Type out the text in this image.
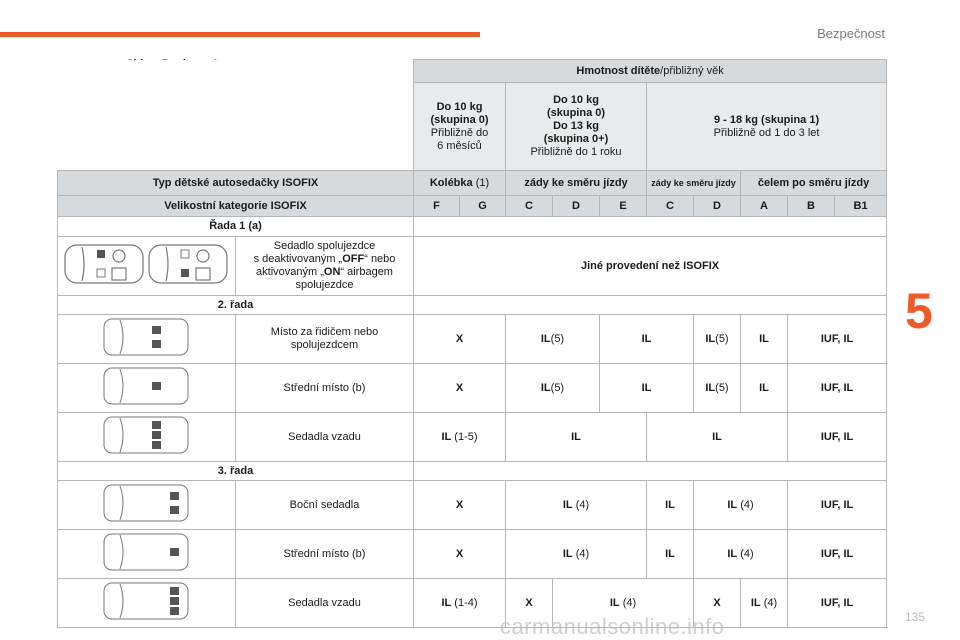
Bezpečnost
5
135
carmanualsonline.info
		Hmotnost dítěte/přibližný věk									
		Do 10 kg
(skupina 0)
Přibližně do
6 měsíců		Do 10 kg
(skupina 0)
Do 13 kg
(skupina 0+)
Přibližně do 1 roku			9 - 18 kg (skupina 1)
Přibližně od 1 do 3 let				
Typ dětské autosedačky ISOFIX		Kolébka (1)		zády ke směru jízdy			zády ke směru jízdy		čelem po směru jízdy		
Velikostní kategorie ISOFIX		F	G	C	D	E	C	D	A	B	B1
Řada 1 (a)											
	Sedadlo spolujezdce
s deaktivovaným „OFF“ nebo
aktivovaným „ON“ airbagem
spolujezdce	Jiné provedení než ISOFIX									
2. řada											
	Místo za řidičem nebo spolujezdcem	X		IL(5)		IL		IL(5)	IL	IUF, IL	
	Střední místo (b)	X		IL(5)		IL		IL(5)	IL	IUF, IL	
	Sedadla vzadu	IL (1-5)		IL			IL			IUF, IL	
3. řada											
	Boční sedadla	X		IL (4)			IL	IL (4)		IUF, IL	
	Střední místo (b)	X		IL (4)			IL	IL (4)		IUF, IL	
	Sedadla vzadu	IL (1-4)		X	IL (4)			X	IL (4)	IUF, IL	
